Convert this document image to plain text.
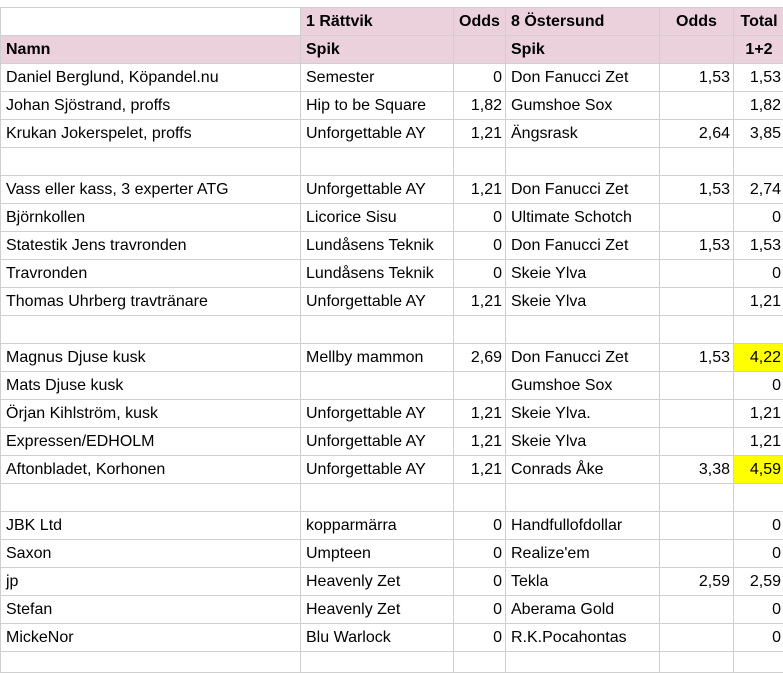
	1 Rättvik	Odds	8 Östersund	Odds	Total
Namn	Spik		Spik		1+2
Daniel Berglund, Köpandel.nu	Semester	0	Don Fanucci Zet	1,53	1,53
Johan Sjöstrand, proffs	Hip to be Square	1,82	Gumshoe Sox		1,82
Krukan Jokerspelet, proffs	Unforgettable AY	1,21	Ängsrask	2,64	3,85

Vass eller kass, 3 experter ATG	Unforgettable AY	1,21	Don Fanucci Zet	1,53	2,74
Björnkollen	Licorice Sisu	0	Ultimate Schotch		0
Statestik Jens travronden	Lundåsens Teknik	0	Don Fanucci Zet	1,53	1,53
Travronden	Lundåsens Teknik	0	Skeie Ylva		0
Thomas Uhrberg travtränare	Unforgettable AY	1,21	Skeie Ylva		1,21

Magnus Djuse kusk	Mellby mammon	2,69	Don Fanucci Zet	1,53	4,22
Mats Djuse kusk			Gumshoe Sox		0
Örjan Kihlström, kusk	Unforgettable AY	1,21	Skeie Ylva.		1,21
Expressen/EDHOLM	Unforgettable AY	1,21	Skeie Ylva		1,21
Aftonbladet, Korhonen	Unforgettable AY	1,21	Conrads Åke	3,38	4,59

JBK Ltd	kopparmärra	0	Handfullofdollar		0
Saxon	Umpteen	0	Realize'em		0
jp	Heavenly Zet	0	Tekla	2,59	2,59
Stefan	Heavenly Zet	0	Aberama Gold		0
MickeNor	Blu Warlock	0	R.K.Pocahontas		0
